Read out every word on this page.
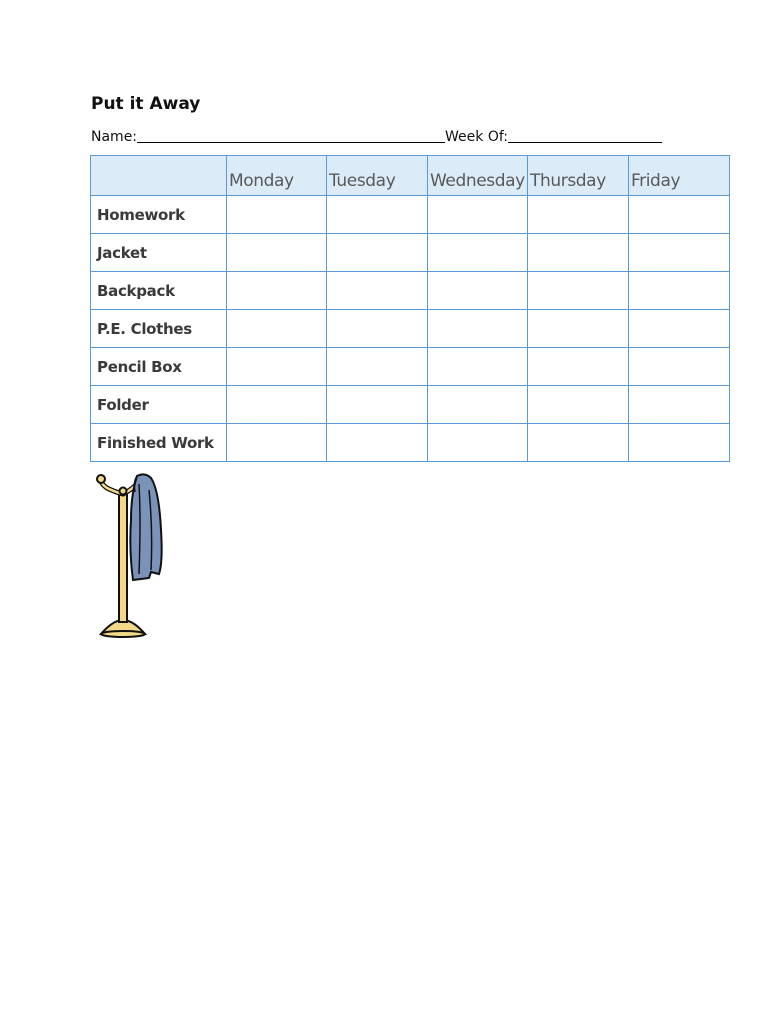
Put it Away
Name:	Week Of:
	Monday	Tuesday	Wednesday	Thursday	Friday
Homework					
Jacket					
Backpack					
P.E. Clothes					
Pencil Box					
Folder					
Finished Work					
